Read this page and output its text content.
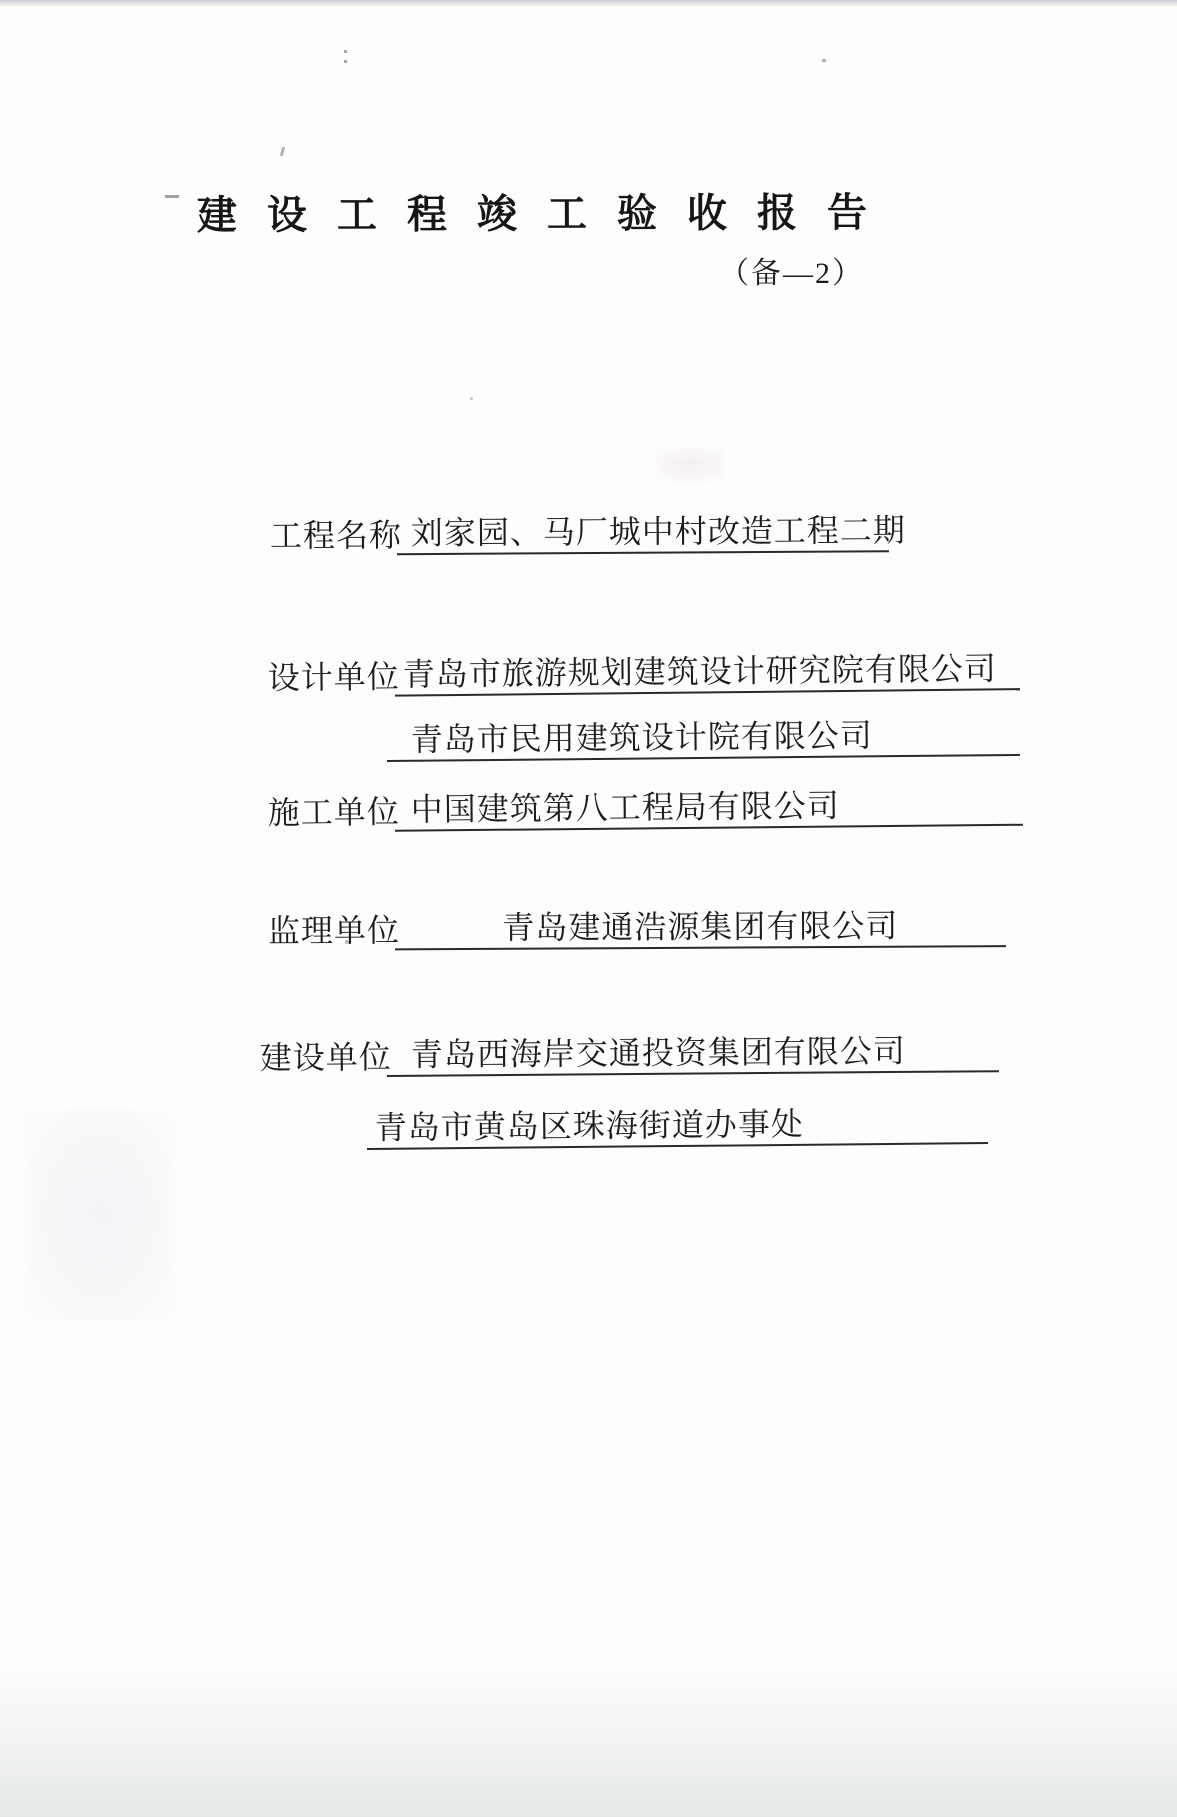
建 设 工 程 竣 工 验 收 报 告
（备—2）
工程名称 刘家园、马厂城中村改造工程二期
设计单位青岛市旅游规划建筑设计研究院有限公司
青岛市民用建筑设计院有限公司
施工单位 中国建筑第八工程局有限公司
监理单位	青岛建通浩源集团有限公司
建设单位 青岛西海岸交通投资集团有限公司
青岛市黄岛区珠海街道办事处
